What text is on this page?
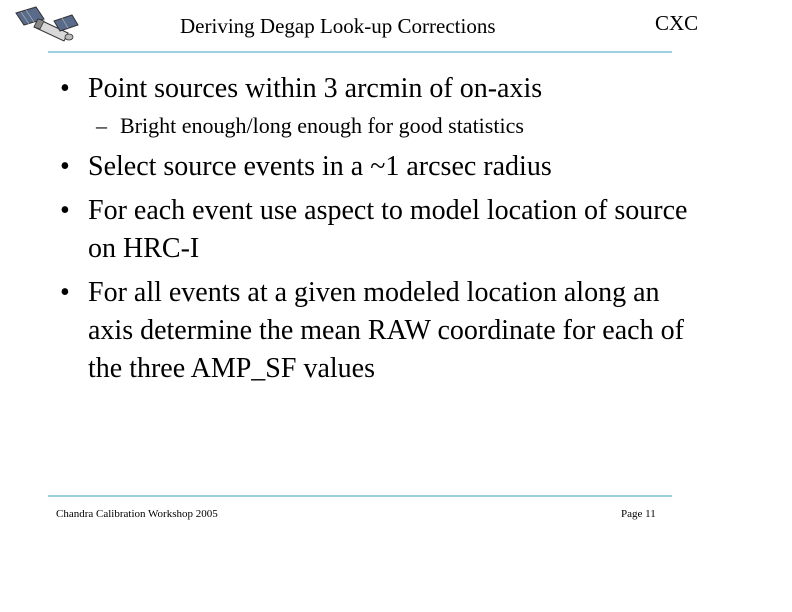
Deriving Degap Look-up Corrections	CXC
• Point sources within 3 arcmin of on-axis
– Bright enough/long enough for good statistics
• Select source events in a ~1 arcsec radius
• For each event use aspect to model location of source on HRC-I
• For all events at a given modeled location along an axis determine the mean RAW coordinate for each of the three AMP_SF values
Chandra Calibration Workshop 2005	Page 11
